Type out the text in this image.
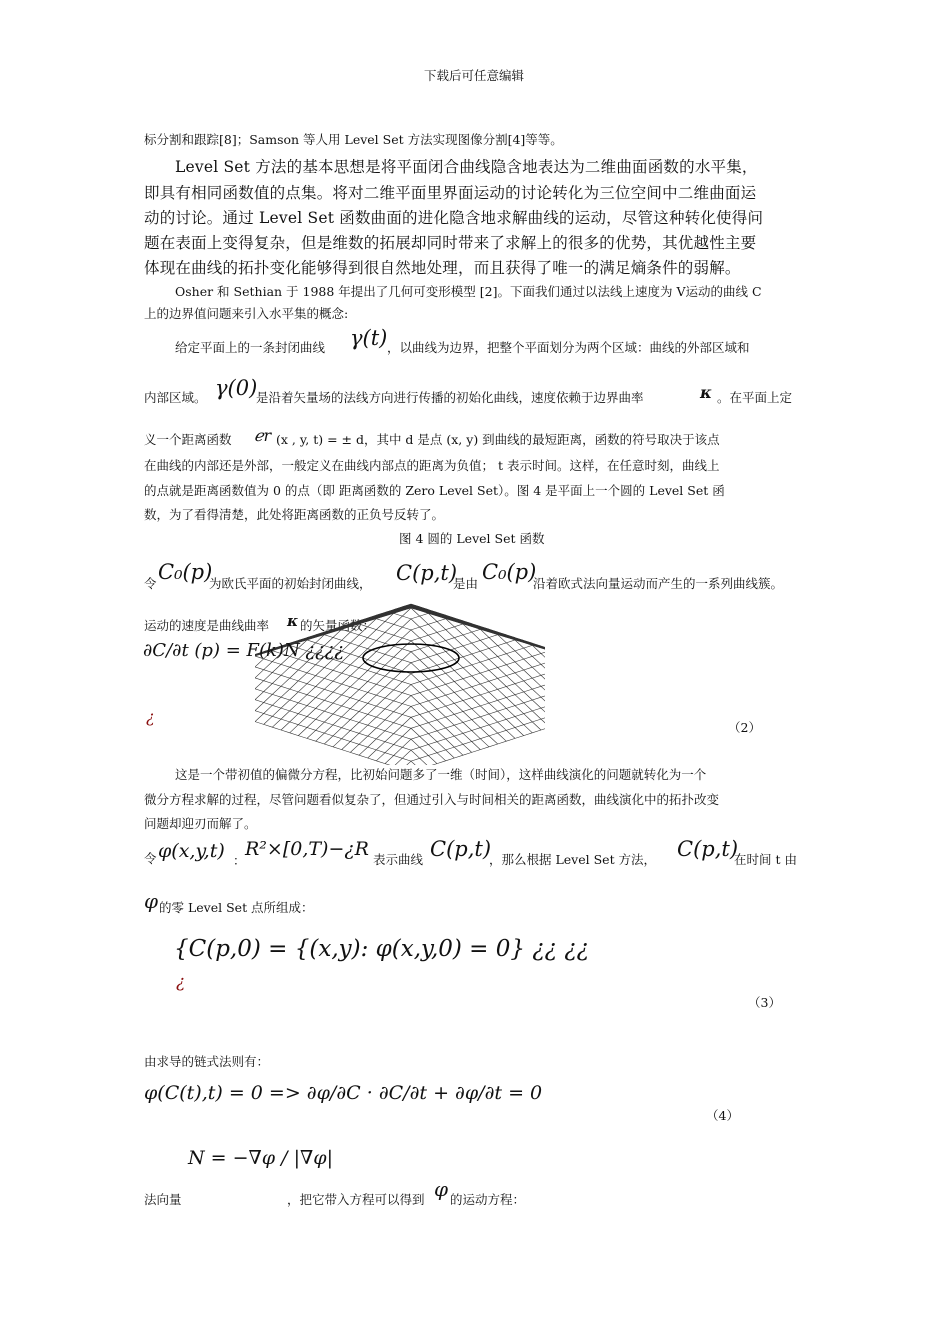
下载后可任意编辑
标分割和跟踪[8]；Samson 等人用 Level Set 方法实现图像分割[4]等等。
Level Set 方法的基本思想是将平面闭合曲线隐含地表达为二维曲面函数的水平集，
即具有相同函数值的点集。将对二维平面里界面运动的讨论转化为三位空间中二维曲面运
动的讨论。通过 Level Set 函数曲面的进化隐含地求解曲线的运动，尽管这种转化使得问
题在表面上变得复杂，但是维数的拓展却同时带来了求解上的很多的优势，其优越性主要
体现在曲线的拓扑变化能够得到很自然地处理，而且获得了唯一的满足熵条件的弱解。
Osher 和 Sethian 于 1988 年提出了几何可变形模型 [2]。下面我们通过以法线上速度为 V运动的曲线 C
上的边界值问题来引入水平集的概念:
给定平面上的一条封闭曲线 γ(t) ，以曲线为边界，把整个平面划分为两个区域：曲线的外部区域和
内部区域。 γ(0)
是沿着矢量场的法线方向进行传播的初始化曲线，速度依赖于边界曲率	κ 。在平面上定
义一个距离函数 ℯ𝑟 (x , y, t) = ± d，其中 d 是点 (x, y) 到曲线的最短距离，函数的符号取决于该点
在曲线的内部还是外部，一般定义在曲线内部点的距离为负值； t 表示时间。这样，在任意时刻，曲线上
的点就是距离函数值为 0 的点（即 距离函数的 Zero Level Set）。图 4 是平面上一个圆的 Level Set 函
数，为了看得清楚，此处将距离函数的正负号反转了。
图 4 圆的 Level Set 函数
令 C₀(p)
为欧氏平面的初始封闭曲线， C(p,t)
是由 C₀(p)
沿着欧式法向量运动而产生的一系列曲线簇。
运动的速度是曲线曲率 κ 的矢量函数：
∂C/∂t (p) = F(k)N ¿¿¿¿
¿
（2）
这是一个带初值的偏微分方程，比初始问题多了一维（时间），这样曲线演化的问题就转化为一个
微分方程求解的过程，尽管问题看似复杂了，但通过引入与时间相关的距离函数，曲线演化中的拓扑改变
问题却迎刃而解了。
令 φ(x,y,t) ：
R²×[0,T)−¿R 表示曲线 C(p,t)
，那么根据 Level Set 方法， C(p,t)
在时间 t 由
φ 的零 Level Set 点所组成：
{C(p,0) = {(x,y): φ(x,y,0) = 0} ¿¿ ¿¿
¿
（3）
由求导的链式法则有：
φ(C(t),t) = 0 => ∂φ/∂C · ∂C/∂t + ∂φ/∂t = 0
（4）
法向量
N = −∇φ / |∇φ|
，把它带入方程可以得到 φ 的运动方程：
